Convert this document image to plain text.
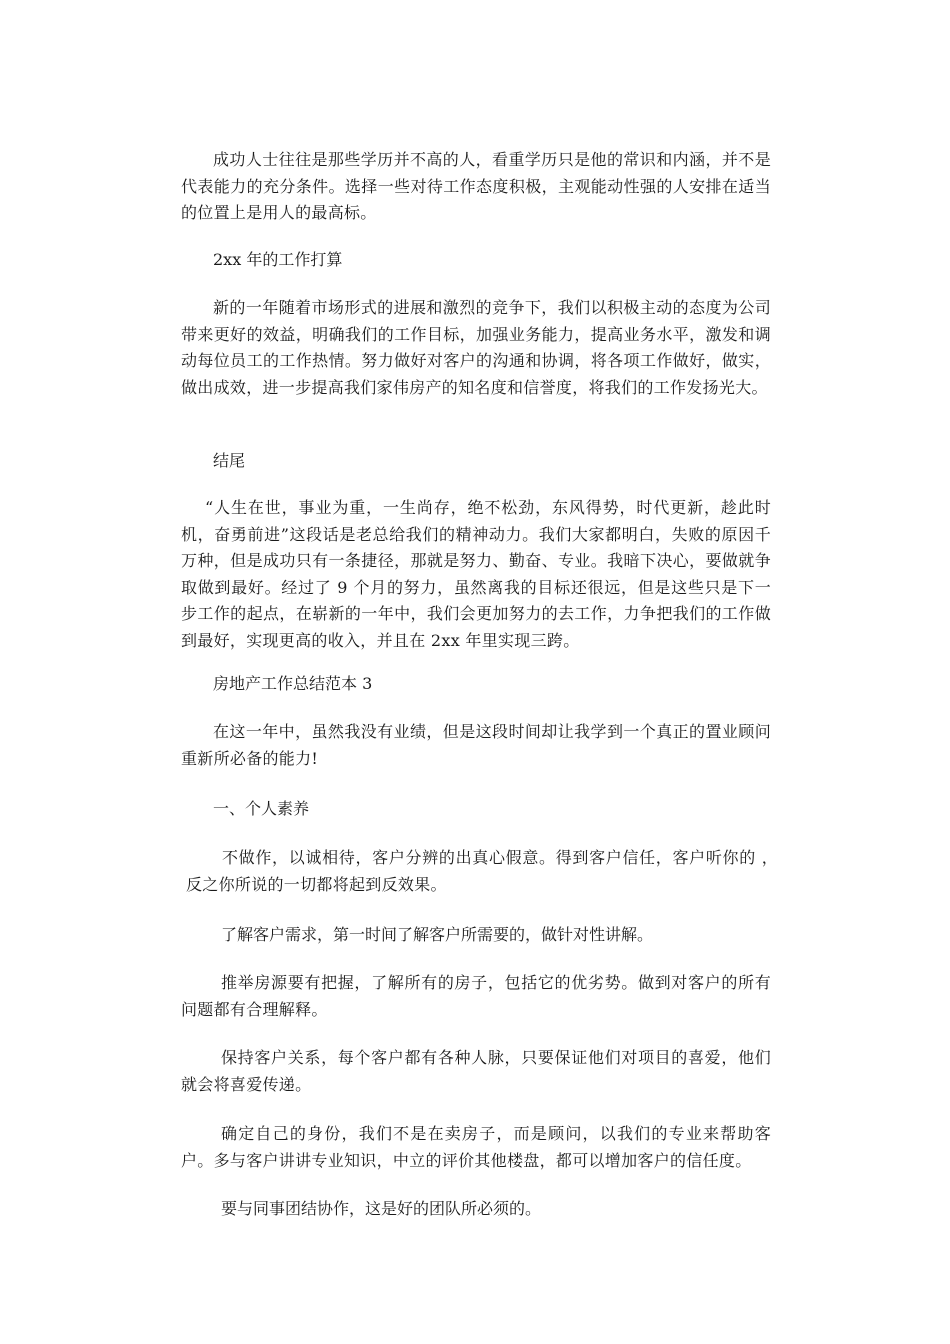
成功人士往往是那些学历并不高的人，看重学历只是他的常识和内涵，并不是代表能力的充分条件。选择一些对待工作态度积极，主观能动性强的人安排在适当的位置上是用人的最高标。

2xx 年的工作打算

新的一年随着市场形式的进展和激烈的竞争下，我们以积极主动的态度为公司带来更好的效益，明确我们的工作目标，加强业务能力，提高业务水平，激发和调动每位员工的工作热情。努力做好对客户的沟通和协调，将各项工作做好，做实，做出成效，进一步提高我们家伟房产的知名度和信誉度，将我们的工作发扬光大。

结尾

“人生在世，事业为重，一生尚存，绝不松劲，东风得势，时代更新，趁此时机，奋勇前进”这段话是老总给我们的精神动力。我们大家都明白，失败的原因千万种，但是成功只有一条捷径，那就是努力、勤奋、专业。我暗下决心，要做就争取做到最好。经过了 9 个月的努力，虽然离我的目标还很远，但是这些只是下一步工作的起点，在崭新的一年中，我们会更加努力的去工作，力争把我们的工作做到最好，实现更高的收入，并且在 2xx 年里实现三跨。

房地产工作总结范本 3

在这一年中，虽然我没有业绩，但是这段时间却让我学到一个真正的置业顾问重新所必备的能力!

一、个人素养

不做作，以诚相待，客户分辨的出真心假意。得到客户信任，客户听你的 ，反之你所说的一切都将起到反效果。

了解客户需求，第一时间了解客户所需要的，做针对性讲解。

推举房源要有把握，了解所有的房子，包括它的优劣势。做到对客户的所有问题都有合理解释。

保持客户关系，每个客户都有各种人脉，只要保证他们对项目的喜爱，他们就会将喜爱传递。

确定自己的身份，我们不是在卖房子，而是顾问，以我们的专业来帮助客户。多与客户讲讲专业知识，中立的评价其他楼盘，都可以增加客户的信任度。

要与同事团结协作，这是好的团队所必须的。
